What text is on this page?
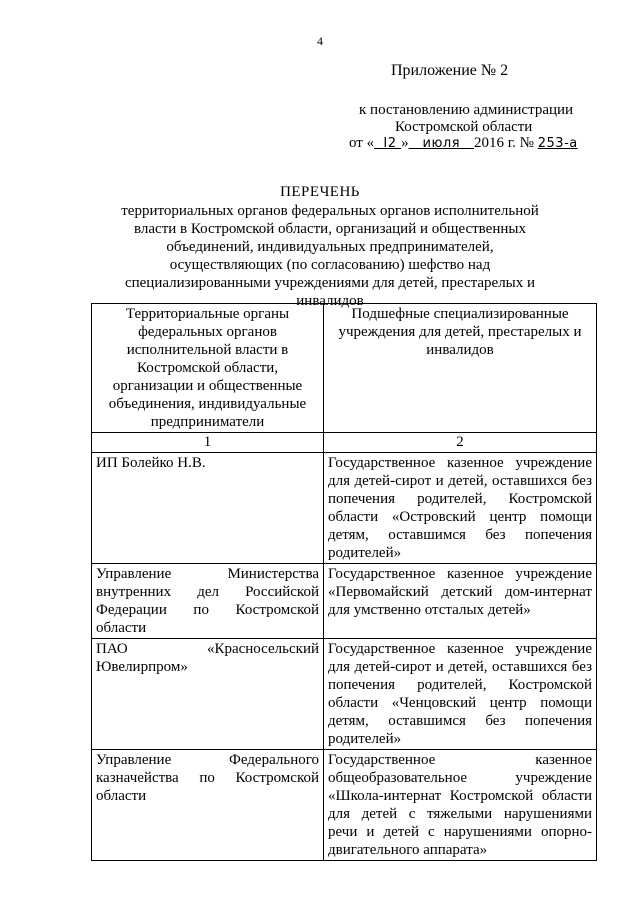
4
Приложение № 2
к постановлению администрации
Костромской области
от « I2 » июля 2016 г. № 253-а
ПЕРЕЧЕНЬ
территориальных органов федеральных органов исполнительной власти в Костромской области, организаций и общественных объединений, индивидуальных предпринимателей, осуществляющих (по согласованию) шефство над специализированными учреждениями для детей, престарелых и инвалидов
Территориальные органы федеральных органов исполнительной власти в Костромской области, организации и общественные объединения, индивидуальные предприниматели	Подшефные специализированные учреждения для детей, престарелых и инвалидов
1	2
ИП Болейко Н.В.	Государственное казенное учреждение для детей-сирот и детей, оставшихся без попечения родителей, Костромской области «Островский центр помощи детям, оставшимся без попечения родителей»
Управление Министерства внутренних дел Российской Федерации по Костромской области	Государственное казенное учреждение «Первомайский детский дом-интернат для умственно отсталых детей»
ПАО «Красносельский Ювелирпром»	Государственное казенное учреждение для детей-сирот и детей, оставшихся без попечения родителей, Костромской области «Ченцовский центр помощи детям, оставшимся без попечения родителей»
Управление Федерального казначейства по Костромской области	Государственное казенное общеобразовательное учреждение «Школа-интернат Костромской области для детей с тяжелыми нарушениями речи и детей с нарушениями опорно-двигательного аппарата»
